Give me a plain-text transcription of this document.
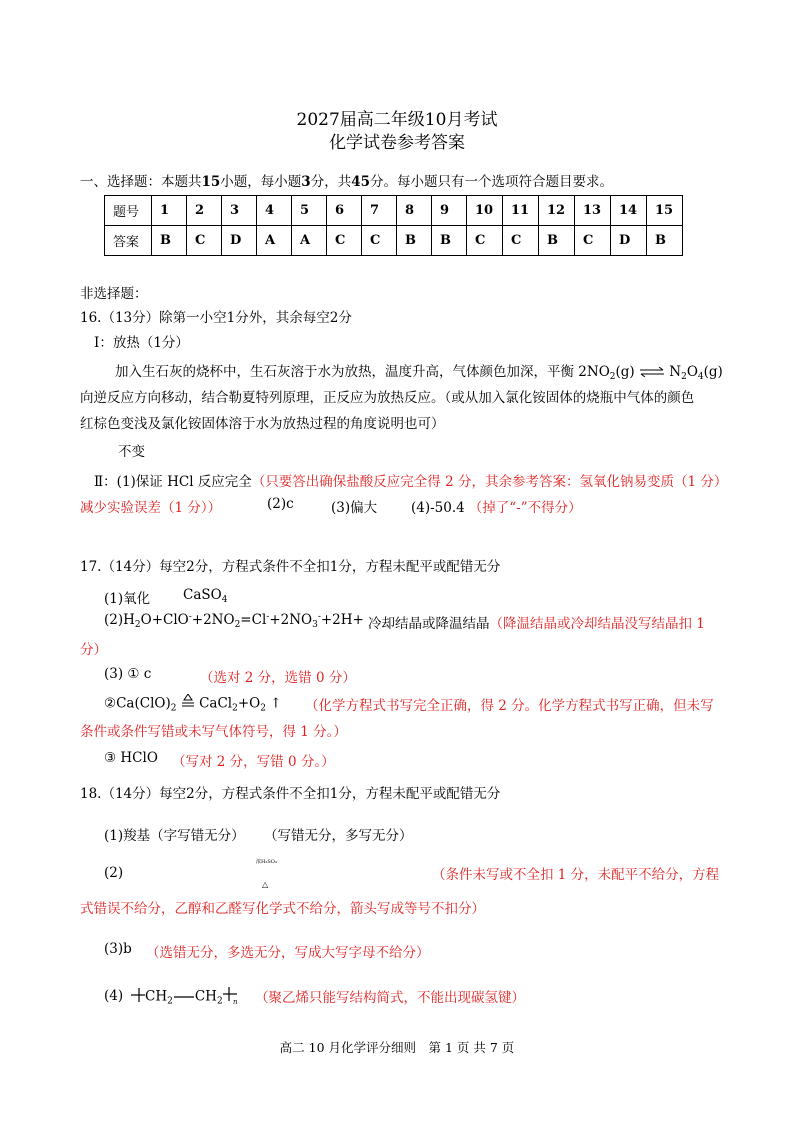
2027届高二年级10月考试
化学试卷参考答案
一、选择题：本题共15小题，每小题3分，共45分。每小题只有一个选项符合题目要求。
题号	1	2	3	4	5	6	7	8	9	10	11	12	13	14	15
答案	B	C	D	A	A	C	C	B	B	C	C	B	C	D	B
非选择题：
16.（13分）除第一小空1分外，其余每空2分
Ⅰ：放热（1分）
加入生石灰的烧杯中，生石灰溶于水为放热，温度升高，气体颜色加深，平衡 $2NO_2(g)$ ⇌ $N_2O_4(g)$
向逆反应方向移动，结合勒夏特列原理，正反应为放热反应。（或从加入氯化铵固体的烧瓶中气体的颜色
红棕色变浅及氯化铵固体溶于水为放热过程的角度说明也可）
不变
Ⅱ：(1)保证 HCl 反应完全（只要答出确保盐酸反应完全得 2 分，其余参考答案：氢氧化钠易变质（1 分）
减少实验误差（1 分））	(2)c	(3)偏大	(4)-50.4 （掉了“-”不得分）
17.（14分）每空2分，方程式条件不全扣1分，方程未配平或配错无分
(1)氧化 CaSO$_4$
$(2)H_2O+ClO^-+2NO_2=Cl^-+2NO_3^-+2H+$ 冷却结晶或降温结晶（降温结晶或冷却结晶没写结晶扣 1
分）
(3) ① c	（选对 2 分，选错 0 分）
$②Ca(ClO)_2$ $CaCl_2+O_2$ ↑ （化学方程式书写完全正确，得 2 分。化学方程式书写正确，但未写
条件或条件写错或未写气体符号，得 1 分。）
③ HClO （写对 2 分，写错 0 分。）
18.（14分）每空2分，方程式条件不全扣1分，方程未配平或配错无分
(1)羧基（字写错无分） （写错无分，多写无分）
(2)
浓H₂SO₄
△
（条件未写或不全扣 1 分，未配平不给分，方程
式错误不给分，乙醇和乙醛写化学式不给分，箭头写成等号不扣分）
(3)b （选错无分，多选无分，写成大写字母不给分）
(4)	$CH_2$ $CH_2$ n （聚乙烯只能写结构简式，不能出现碳氢键）
高二 10 月化学评分细则　第 1 页 共 7 页
